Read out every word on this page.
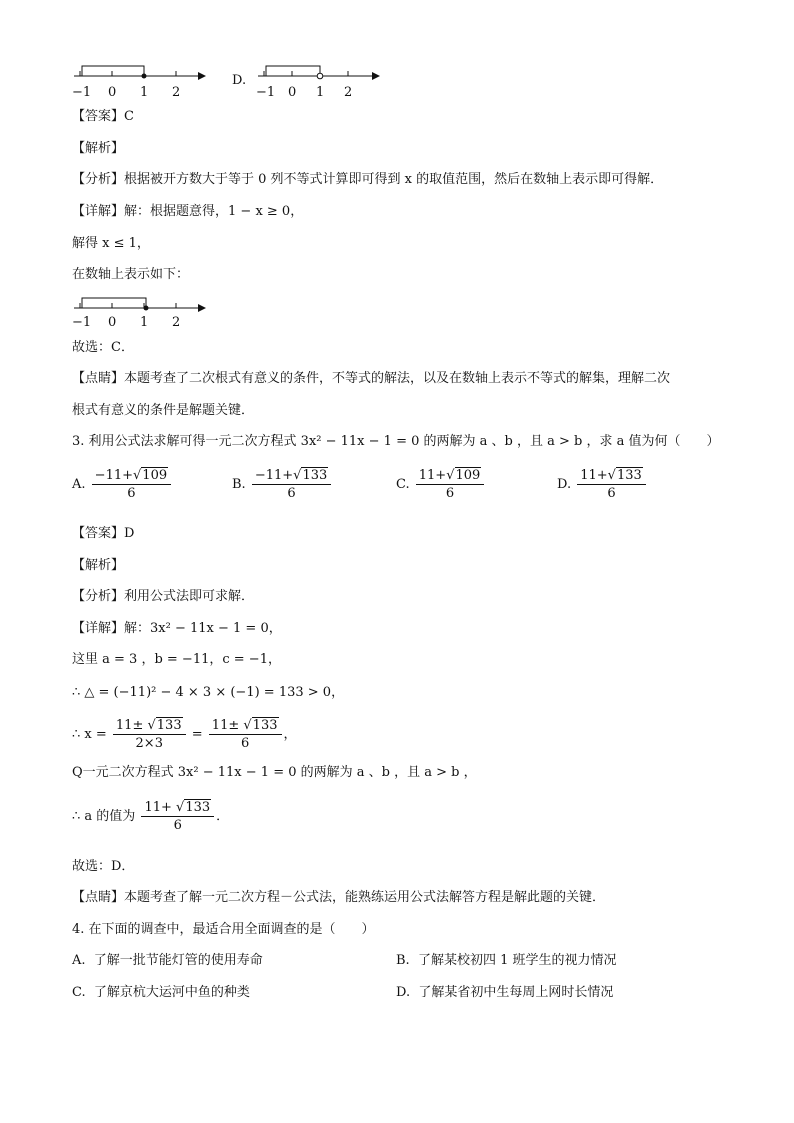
−1 0 1 2
D.
−1 0 1 2
【答案】C
【解析】
【分析】根据被开方数大于等于 0 列不等式计算即可得到 x 的取值范围，然后在数轴上表示即可得解．
【详解】解：根据题意得，1 − x ≥ 0，
解得 x ≤ 1，
在数轴上表示如下：
−1 0 1 2
故选：C．
【点睛】本题考查了二次根式有意义的条件，不等式的解法，以及在数轴上表示不等式的解集，理解二次
根式有意义的条件是解题关键．
3. 利用公式法求解可得一元二次方程式 3x² − 11x − 1 = 0 的两解为 a 、b ，且 a > b ，求 a 值为何（　　）
A. $\frac{-11+√109}{6}$	B. $\frac{-11+√133}{6}$	C. $\frac{11+√109}{6}$	D. $\frac{11+√133}{6}$
【答案】D
【解析】
【分析】利用公式法即可求解．
【详解】解：3x² − 11x − 1 = 0，
这里 a = 3 ，b = −11，c = −1，
∴ △ = (−11)² − 4 × 3 × (−1) = 133 > 0，
∴ $x = \frac{11\pm √133}{2\times 3} = \frac{11\pm √133}{6}$ ，
Q一元二次方程式 3x² − 11x − 1 = 0 的两解为 a 、b ，且 a > b ，
∴ a 的值为 $\frac{11+ √133}{6}$ ．
故选：D．
【点睛】本题考查了解一元二次方程－公式法，能熟练运用公式法解答方程是解此题的关键．
4. 在下面的调查中，最适合用全面调查的是（　　）
A. 了解一批节能灯管的使用寿命	B. 了解某校初四 1 班学生的视力情况
C. 了解京杭大运河中鱼的种类	D. 了解某省初中生每周上网时长情况
